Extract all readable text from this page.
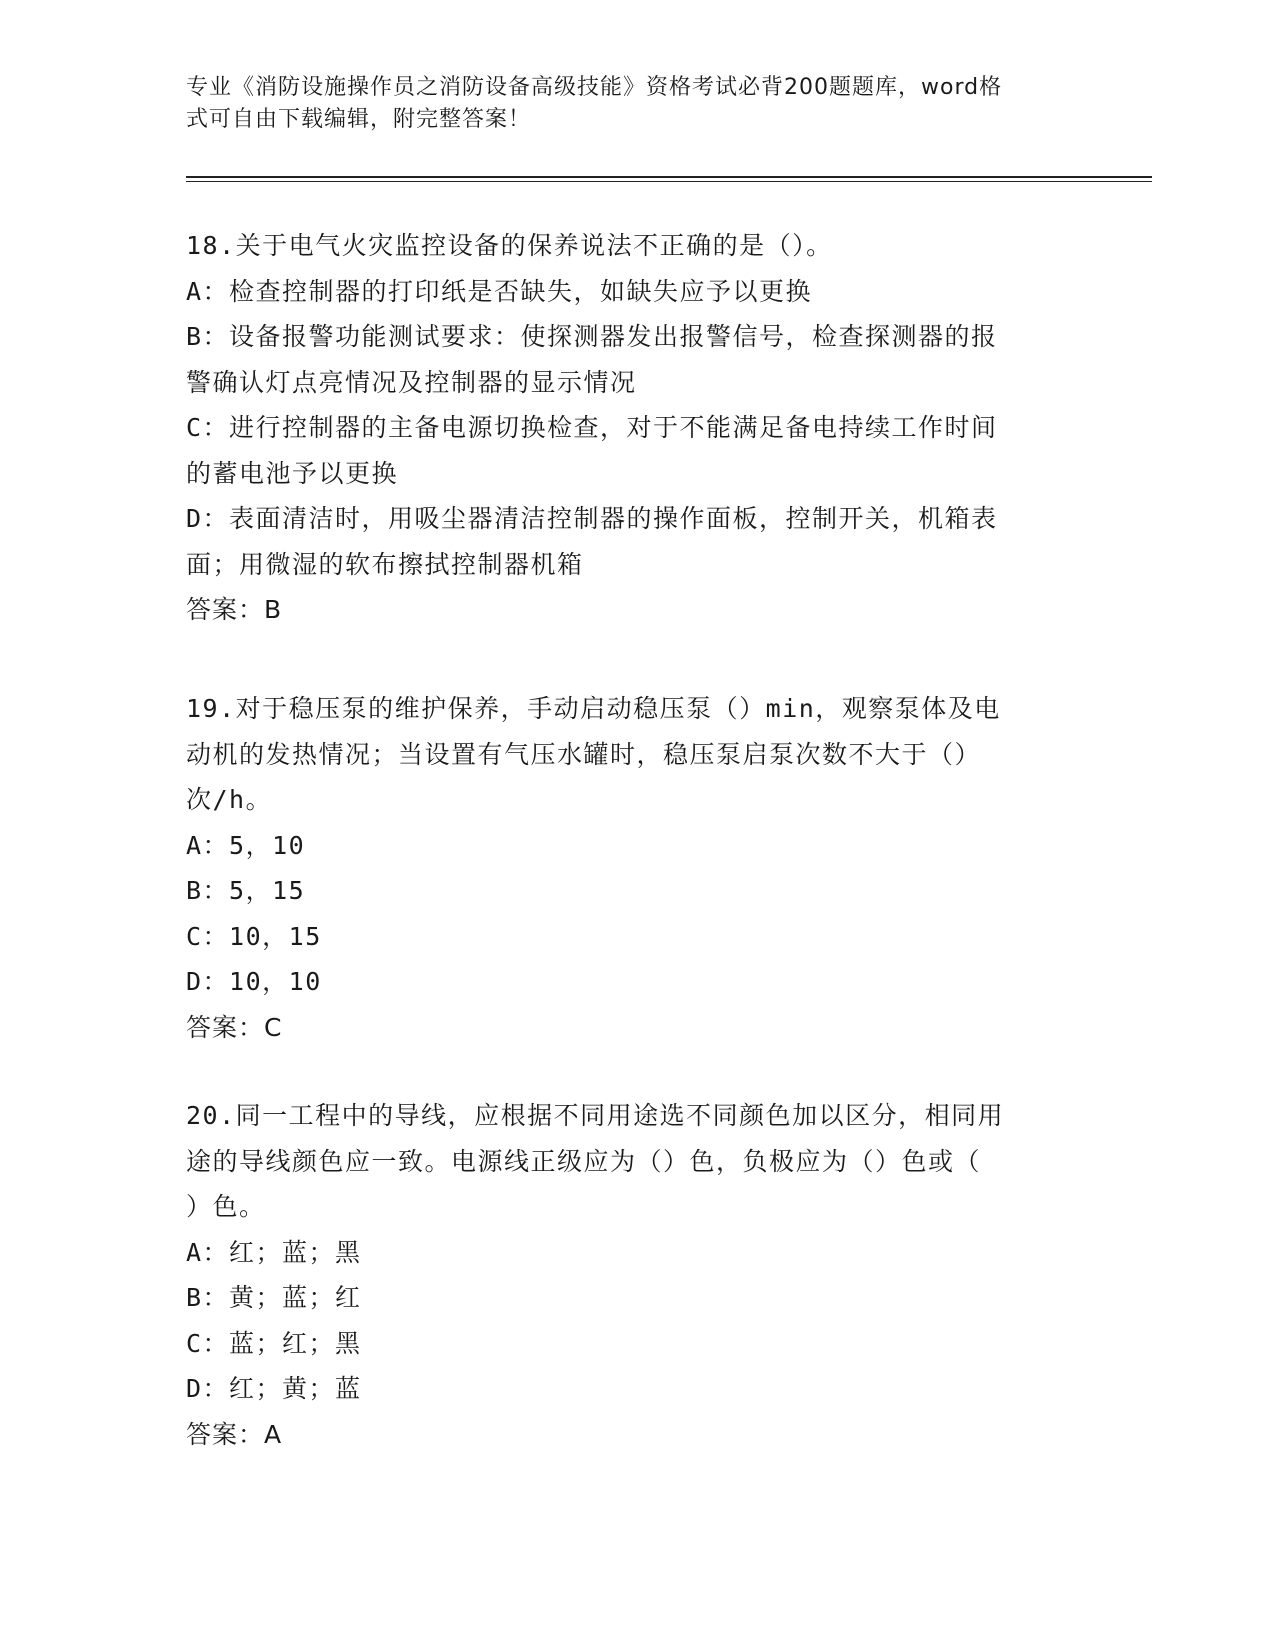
专业《消防设施操作员之消防设备高级技能》资格考试必背200题题库，word格
式可自由下载编辑，附完整答案！
18.关于电气火灾监控设备的保养说法不正确的是（）。
A：检查控制器的打印纸是否缺失，如缺失应予以更换
B：设备报警功能测试要求：使探测器发出报警信号，检查探测器的报
警确认灯点亮情况及控制器的显示情况
C：进行控制器的主备电源切换检查，对于不能满足备电持续工作时间
的蓄电池予以更换
D：表面清洁时，用吸尘器清洁控制器的操作面板，控制开关，机箱表
面；用微湿的软布擦拭控制器机箱
答案：B
19.对于稳压泵的维护保养，手动启动稳压泵（）min，观察泵体及电
动机的发热情况；当设置有气压水罐时，稳压泵启泵次数不大于（）
次/h。
A：5，10
B：5，15
C：10，15
D：10，10
答案：C
20.同一工程中的导线，应根据不同用途选不同颜色加以区分，相同用
途的导线颜色应一致。电源线正级应为（）色，负极应为（）色或（
）色。
A：红；蓝；黑
B：黄；蓝；红
C：蓝；红；黑
D：红；黄；蓝
答案：A
